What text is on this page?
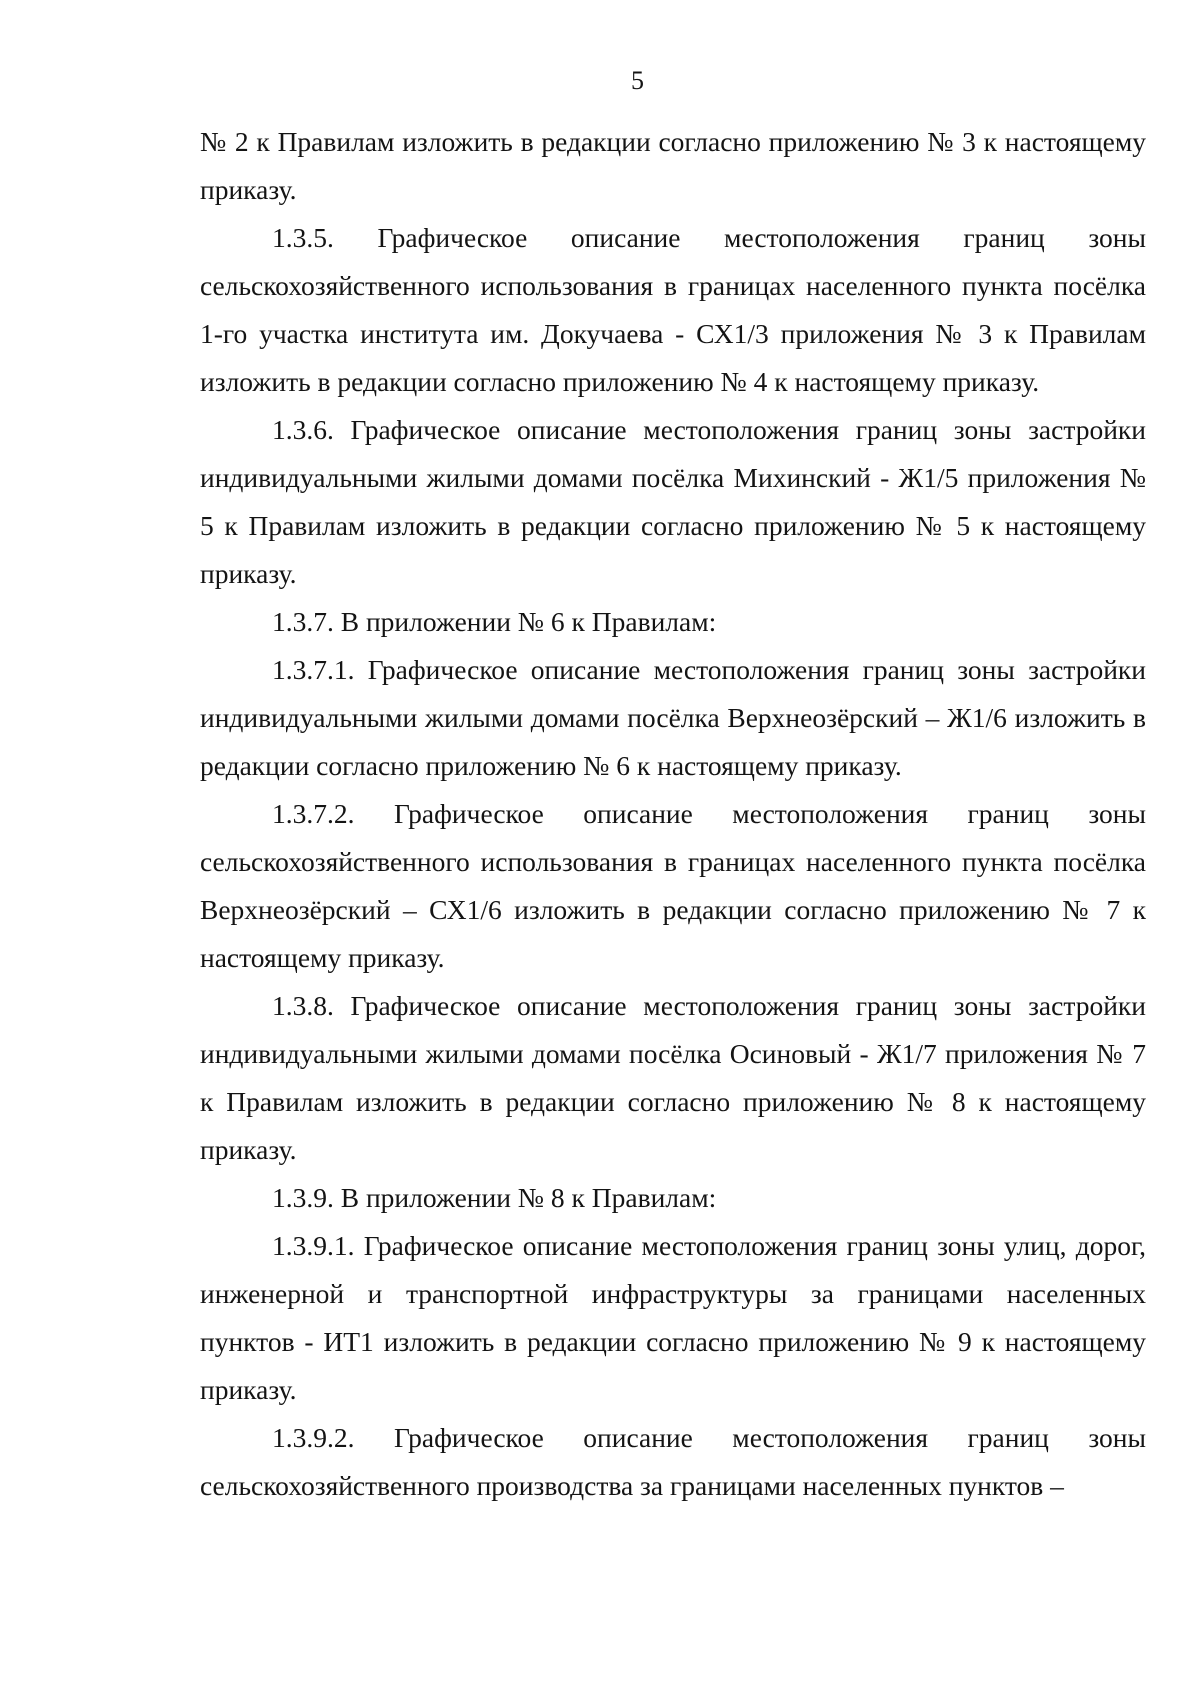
5

№ 2 к Правилам изложить в редакции согласно приложению № 3 к настоящему приказу.

1.3.5. Графическое описание местоположения границ зоны сельскохозяйственного использования в границах населенного пункта посёлка 1-го участка института им. Докучаева - СХ1/3 приложения № 3 к Правилам изложить в редакции согласно приложению № 4 к настоящему приказу.

1.3.6. Графическое описание местоположения границ зоны застройки индивидуальными жилыми домами посёлка Михинский - Ж1/5 приложения № 5 к Правилам изложить в редакции согласно приложению № 5 к настоящему приказу.

1.3.7. В приложении № 6 к Правилам:

1.3.7.1. Графическое описание местоположения границ зоны застройки индивидуальными жилыми домами посёлка Верхнеозёрский – Ж1/6 изложить в редакции согласно приложению № 6 к настоящему приказу.

1.3.7.2. Графическое описание местоположения границ зоны сельскохозяйственного использования в границах населенного пункта посёлка Верхнеозёрский – СХ1/6 изложить в редакции согласно приложению № 7 к настоящему приказу.

1.3.8. Графическое описание местоположения границ зоны застройки индивидуальными жилыми домами посёлка Осиновый - Ж1/7 приложения № 7 к Правилам изложить в редакции согласно приложению № 8 к настоящему приказу.

1.3.9. В приложении № 8 к Правилам:

1.3.9.1. Графическое описание местоположения границ зоны улиц, дорог, инженерной и транспортной инфраструктуры за границами населенных пунктов - ИТ1 изложить в редакции согласно приложению № 9 к настоящему приказу.

1.3.9.2. Графическое описание местоположения границ зоны сельскохозяйственного производства за границами населенных пунктов –
